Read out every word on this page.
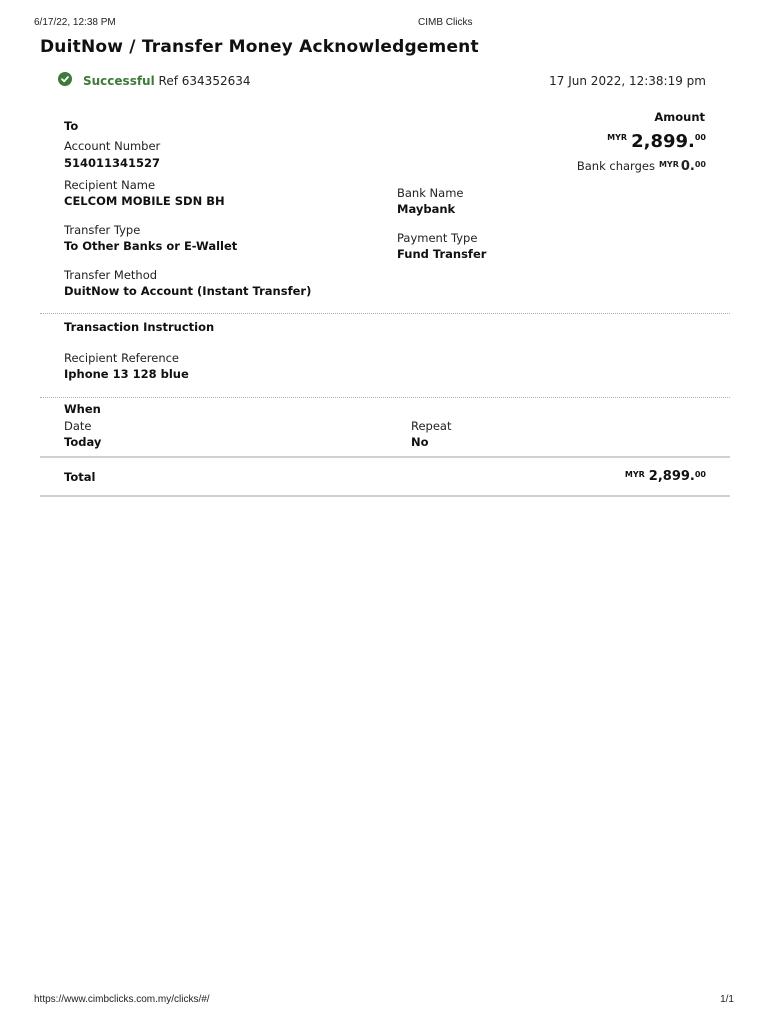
6/17/22, 12:38 PM	CIMB Clicks
DuitNow / Transfer Money Acknowledgement
Successful Ref 634352634	17 Jun 2022, 12:38:19 pm
Amount
$^{MYR}$ 2,899.00
Bank charges $^{MYR}$ 0.00
To
Account Number
514011341527
Recipient Name
CELCOM MOBILE SDN BH
Bank Name
Maybank
Transfer Type
To Other Banks or E-Wallet
Payment Type
Fund Transfer
Transfer Method
DuitNow to Account (Instant Transfer)
Transaction Instruction
Recipient Reference
Iphone 13 128 blue
When
Date
Today
Repeat
No
Total	$^{MYR}$ 2,899.00
https://www.cimbclicks.com.my/clicks/#/	1/1
